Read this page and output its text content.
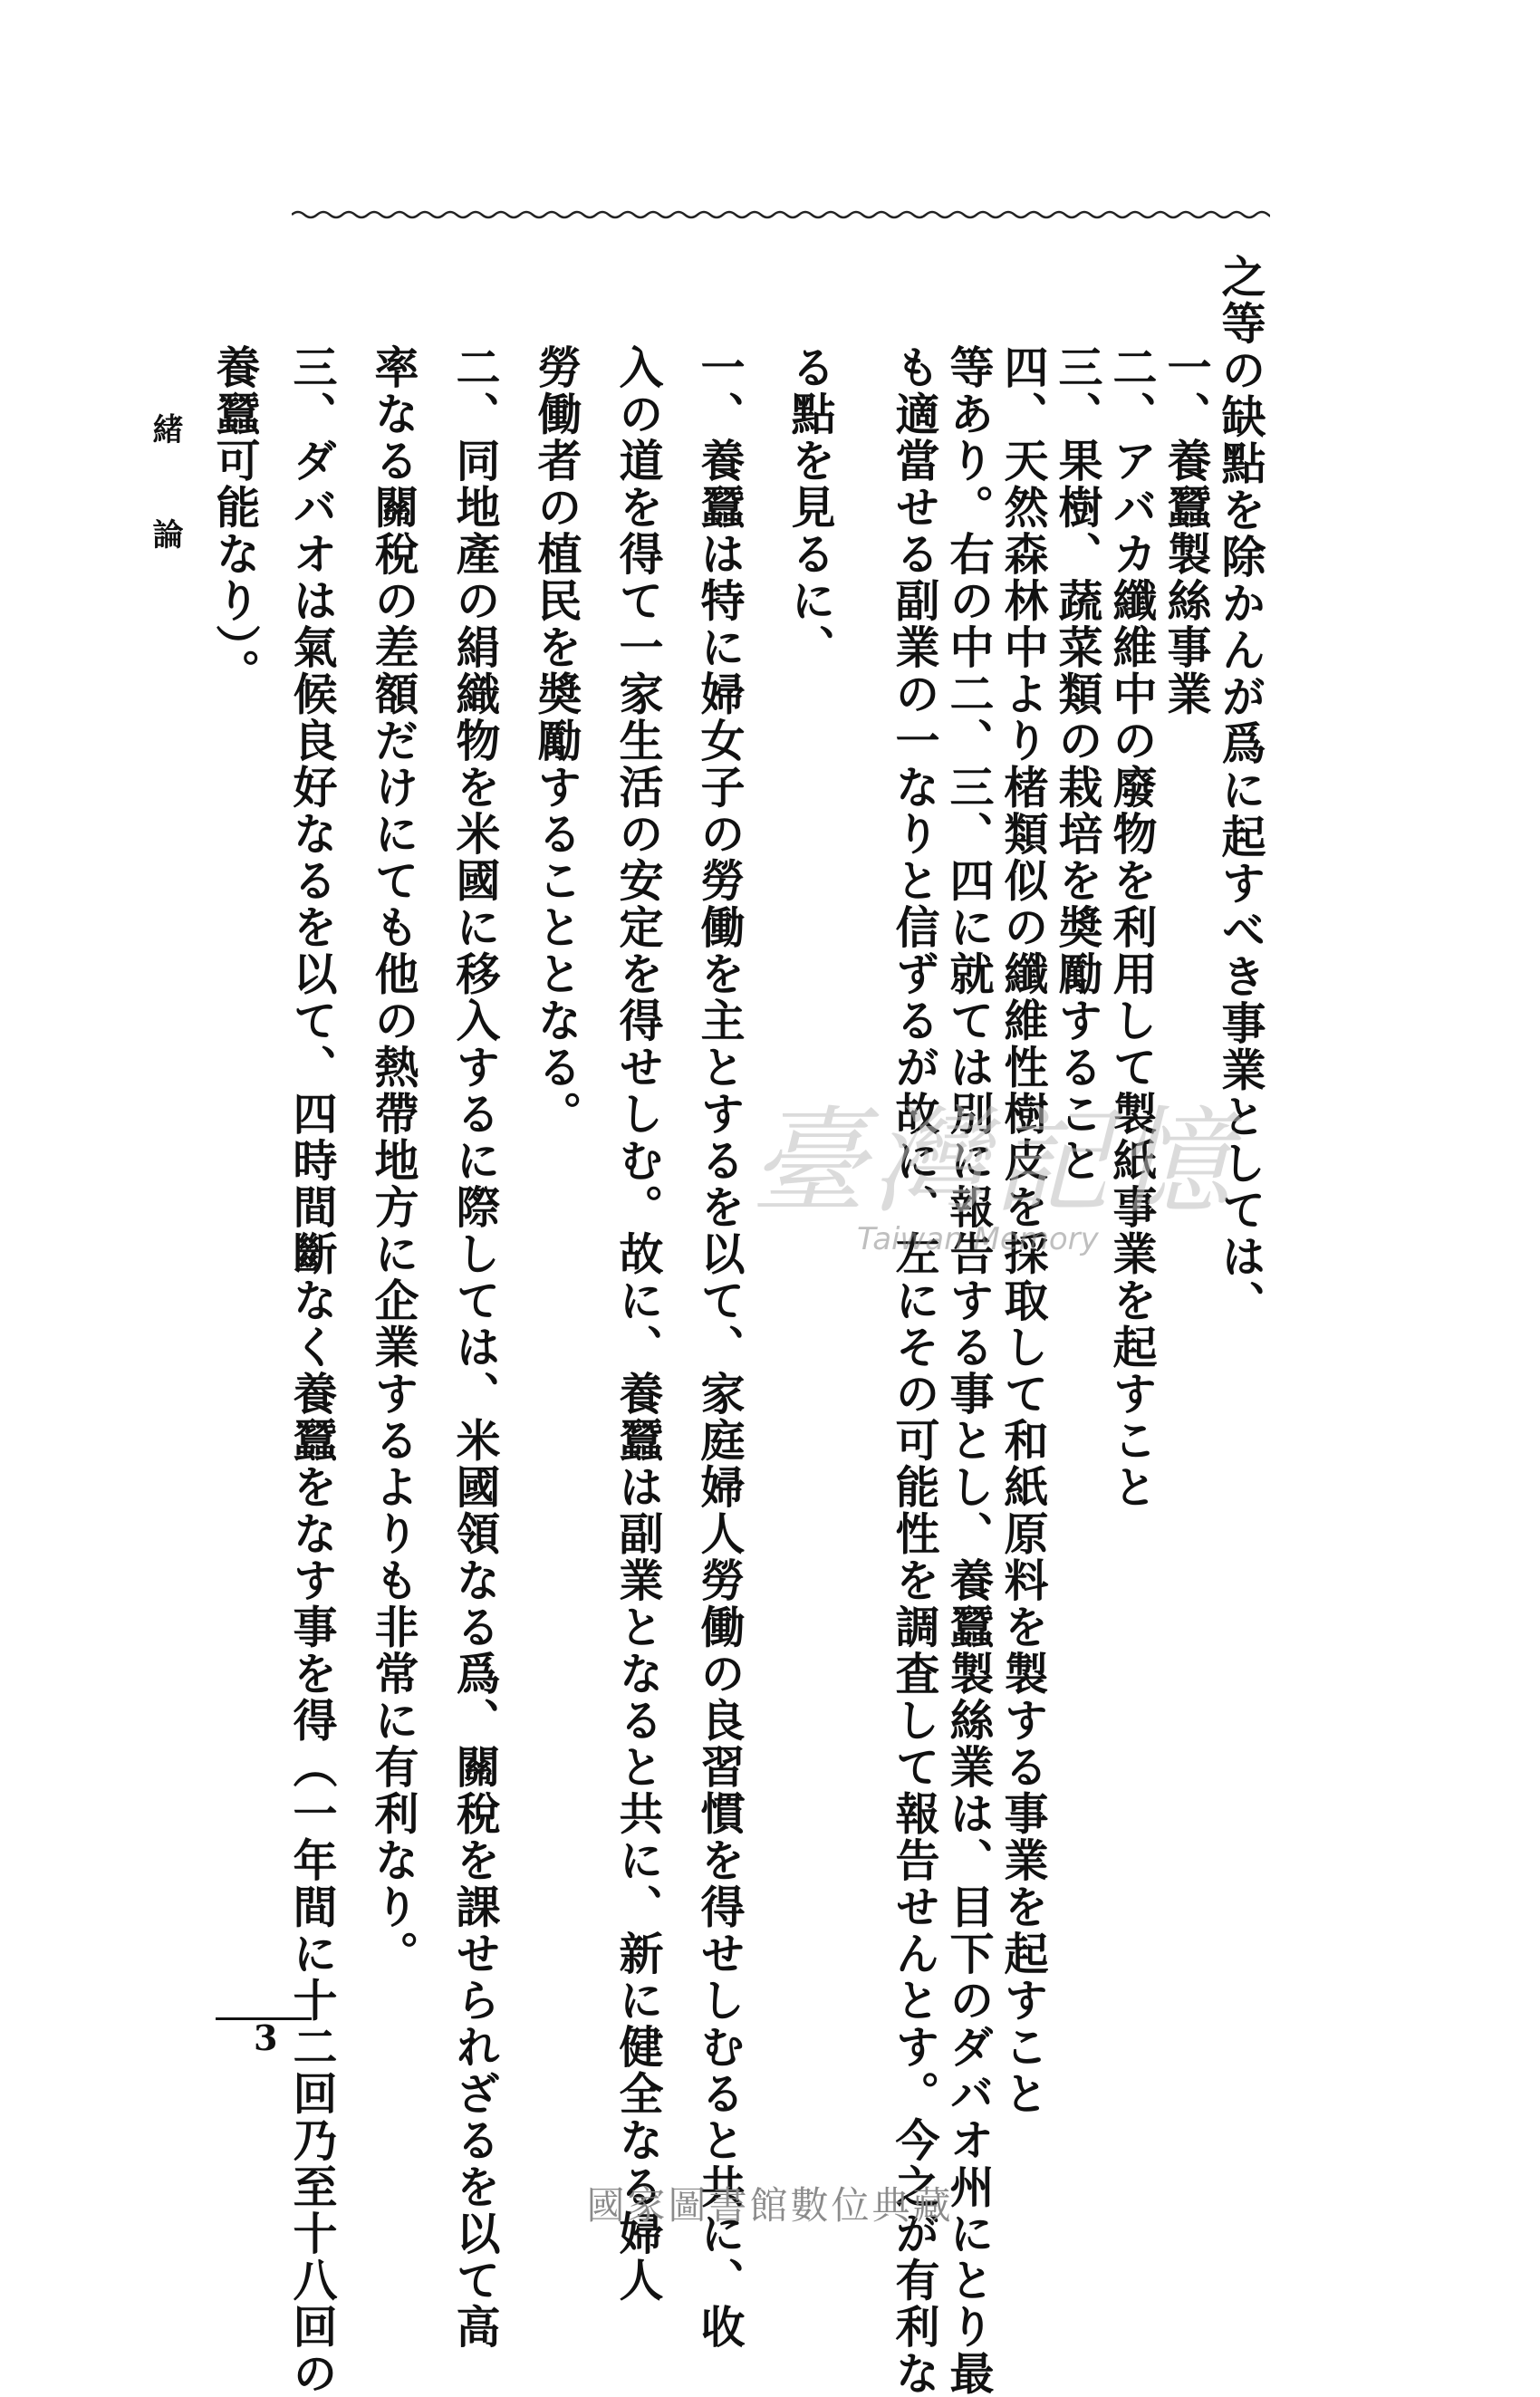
之等の缺點を除かんが爲に起すべき事業としては、
一、養蠶製絲事業
二、アバカ纖維中の廢物を利用して製紙事業を起すこと
三、果樹、蔬菜類の栽培を奬勵すること
四、天然森林中より楮類似の纖維性樹皮を採取して和紙原料を製する事業を起すこと
等あり。右の中二、三、四に就ては別に報告する事とし、養蠶製絲業は、目下のダバオ州にとり最
も適當せる副業の一なりと信ずるが故に、左にその可能性を調査して報告せんとす。今之が有利な
る點を見るに、
一、養蠶は特に婦女子の勞働を主とするを以て、家庭婦人勞働の良習慣を得せしむると共に、收
入の道を得て一家生活の安定を得せしむ。故に、養蠶は副業となると共に、新に健全なる婦人
勞働者の植民を奬勵することとなる。
二、同地產の絹織物を米國に移入するに際しては、米國領なる爲、關稅を課せられざるを以て高
率なる關稅の差額だけにても他の熱帶地方に企業するよりも非常に有利なり。
三、ダバオは氣候良好なるを以て、四時間斷なく養蠶をなす事を得（一年間に十二回乃至十八回の
養蠶可能なり）。
緒論
3
臺灣記憶
Taiwan Memory
國家圖書館數位典藏
